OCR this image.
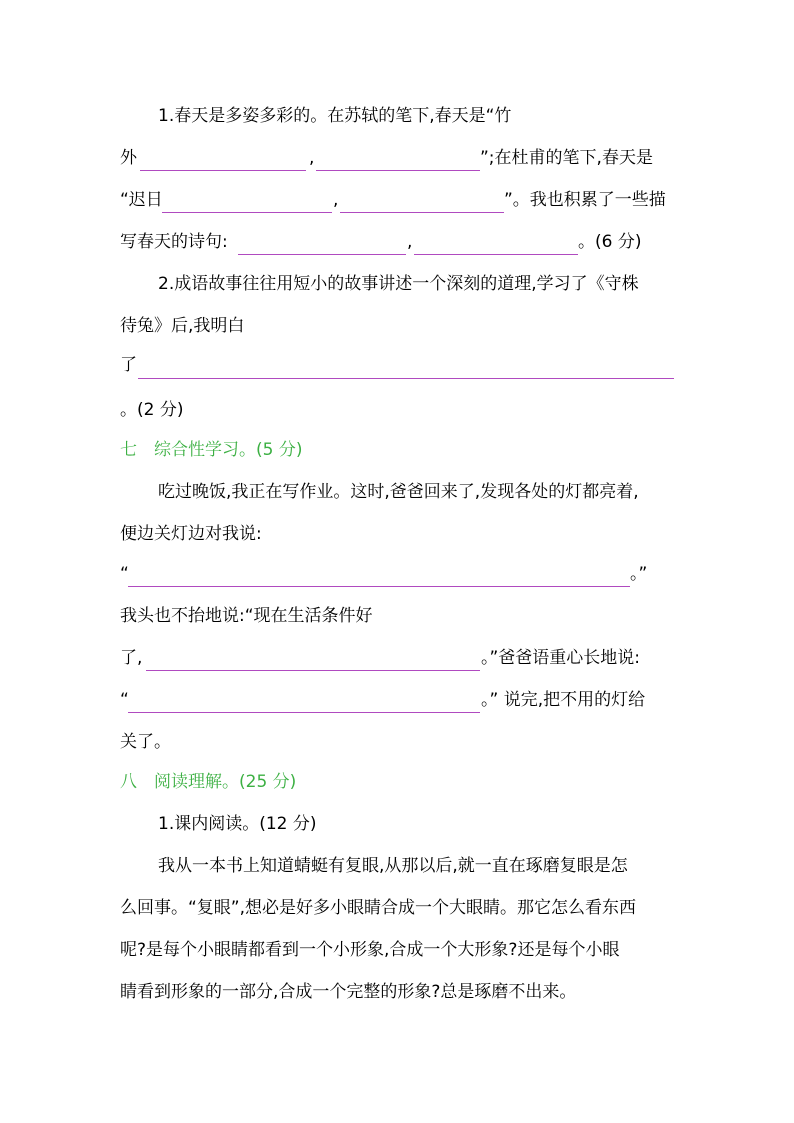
1.春天是多姿多彩的。在苏轼的笔下,春天是“竹
外	,	”;在杜甫的笔下,春天是
“迟日	,	”。我也积累了一些描
写春天的诗句:	,	。(6 分)
2.成语故事往往用短小的故事讲述一个深刻的道理,学习了《守株
待兔》后,我明白
了
。(2 分)
七　综合性学习。(5 分)
吃过晚饭,我正在写作业。这时,爸爸回来了,发现各处的灯都亮着,
便边关灯边对我说:
“	。”
我头也不抬地说:“现在生活条件好
了,	。”爸爸语重心长地说:
“	。” 说完,把不用的灯给
关了。
八　阅读理解。(25 分)
1.课内阅读。(12 分)
我从一本书上知道蜻蜓有复眼,从那以后,就一直在琢磨复眼是怎
么回事。“复眼”,想必是好多小眼睛合成一个大眼睛。那它怎么看东西
呢?是每个小眼睛都看到一个小形象,合成一个大形象?还是每个小眼
睛看到形象的一部分,合成一个完整的形象?总是琢磨不出来。
